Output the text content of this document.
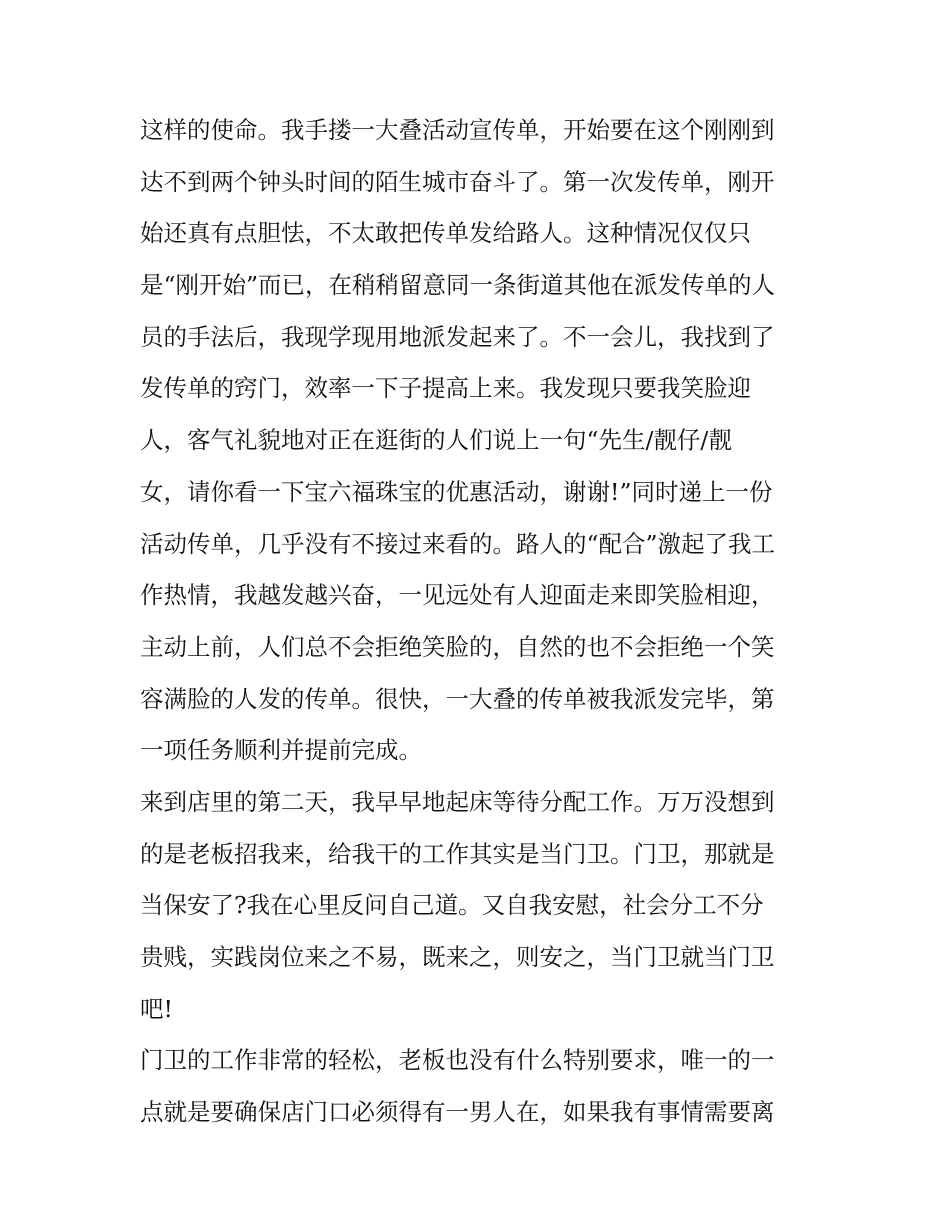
这样的使命。我手搂一大叠活动宣传单，开始要在这个刚刚到
达不到两个钟头时间的陌生城市奋斗了。第一次发传单，刚开
始还真有点胆怯，不太敢把传单发给路人。这种情况仅仅只
是“刚开始”而已，在稍稍留意同一条街道其他在派发传单的人
员的手法后，我现学现用地派发起来了。不一会儿，我找到了
发传单的窍门，效率一下子提高上来。我发现只要我笑脸迎
人，客气礼貌地对正在逛街的人们说上一句“先生/靓仔/靓
女，请你看一下宝六福珠宝的优惠活动，谢谢!”同时递上一份
活动传单，几乎没有不接过来看的。路人的“配合”激起了我工
作热情，我越发越兴奋，一见远处有人迎面走来即笑脸相迎，
主动上前，人们总不会拒绝笑脸的，自然的也不会拒绝一个笑
容满脸的人发的传单。很快，一大叠的传单被我派发完毕，第
一项任务顺利并提前完成。
来到店里的第二天，我早早地起床等待分配工作。万万没想到
的是老板招我来，给我干的工作其实是当门卫。门卫，那就是
当保安了?我在心里反问自己道。又自我安慰，社会分工不分
贵贱，实践岗位来之不易，既来之，则安之，当门卫就当门卫
吧!
门卫的工作非常的轻松，老板也没有什么特别要求，唯一的一
点就是要确保店门口必须得有一男人在，如果我有事情需要离
